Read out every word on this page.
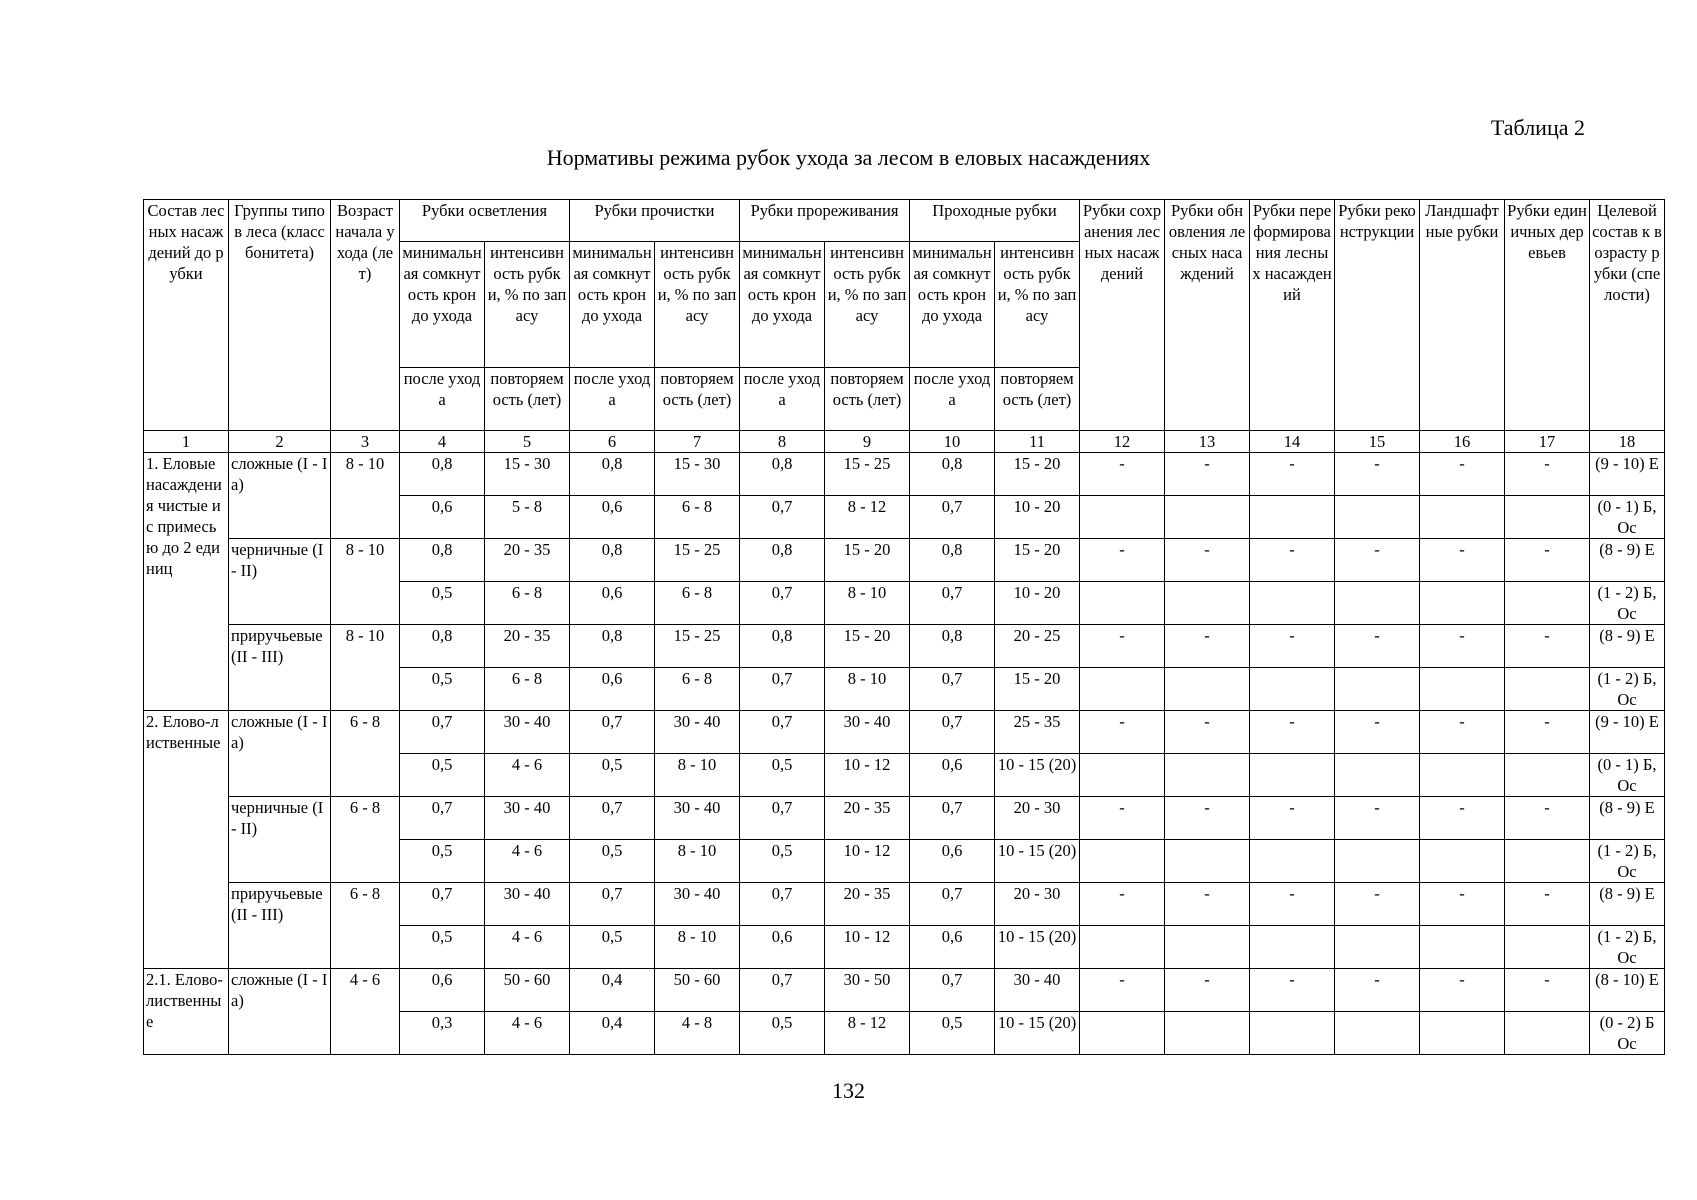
Таблица 2
Нормативы режима рубок ухода за лесом в еловых насаждениях
Состав лесных насаждений до рубки	Группы типов леса (класс бонитета)	Возраст начала ухода (лет)	Рубки осветления		Рубки прочистки		Рубки прореживания		Проходные рубки		Рубки сохранения лесных насаждений	Рубки обновления лесных насаждений	Рубки переформирования лесных насаждений	Рубки реконструкции	Ландшафтные рубки	Рубки единичных деревьев	Целевой состав к возрасту рубки (спелости)
			минимальная сомкнутость крон до ухода	интенсивность рубки, % по запасу	минимальная сомкнутость крон до ухода	интенсивность рубки, % по запасу	минимальная сомкнутость крон до ухода	интенсивность рубки, % по запасу	минимальная сомкнутость крон до ухода	интенсивность рубки, % по запасу							
			после ухода	повторяемость (лет)	после ухода	повторяемость (лет)	после ухода	повторяемость (лет)	после ухода	повторяемость (лет)							
1	2	3	4	5	6	7	8	9	10	11	12	13	14	15	16	17	18
1. Еловые насаждения чистые и с примесью до 2 единиц	сложные (I - Ia)	8 - 10	0,8	15 - 30	0,8	15 - 30	0,8	15 - 25	0,8	15 - 20	-	-	-	-	-	-	(9 - 10) Е
			0,6	5 - 8	0,6	6 - 8	0,7	8 - 12	0,7	10 - 20							(0 - 1) Б, Ос
	черничные (I - II)	8 - 10	0,8	20 - 35	0,8	15 - 25	0,8	15 - 20	0,8	15 - 20	-	-	-	-	-	-	(8 - 9) Е
			0,5	6 - 8	0,6	6 - 8	0,7	8 - 10	0,7	10 - 20							(1 - 2) Б, Ос
	приручьевые (II - III)	8 - 10	0,8	20 - 35	0,8	15 - 25	0,8	15 - 20	0,8	20 - 25	-	-	-	-	-	-	(8 - 9) Е
			0,5	6 - 8	0,6	6 - 8	0,7	8 - 10	0,7	15 - 20							(1 - 2) Б, Ос
2. Елово-лиственные	сложные (I - Ia)	6 - 8	0,7	30 - 40	0,7	30 - 40	0,7	30 - 40	0,7	25 - 35	-	-	-	-	-	-	(9 - 10) Е
			0,5	4 - 6	0,5	8 - 10	0,5	10 - 12	0,6	10 - 15 (20)							(0 - 1) Б, Ос
	черничные (I - II)	6 - 8	0,7	30 - 40	0,7	30 - 40	0,7	20 - 35	0,7	20 - 30	-	-	-	-	-	-	(8 - 9) Е
			0,5	4 - 6	0,5	8 - 10	0,5	10 - 12	0,6	10 - 15 (20)							(1 - 2) Б, Ос
	приручьевые (II - III)	6 - 8	0,7	30 - 40	0,7	30 - 40	0,7	20 - 35	0,7	20 - 30	-	-	-	-	-	-	(8 - 9) Е
			0,5	4 - 6	0,5	8 - 10	0,6	10 - 12	0,6	10 - 15 (20)							(1 - 2) Б, Ос
2.1. Елово-лиственные	сложные (I - Ia)	4 - 6	0,6	50 - 60	0,4	50 - 60	0,7	30 - 50	0,7	30 - 40	-	-	-	-	-	-	(8 - 10) Е
			0,3	4 - 6	0,4	4 - 8	0,5	8 - 12	0,5	10 - 15 (20)							(0 - 2) Б Ос
132
